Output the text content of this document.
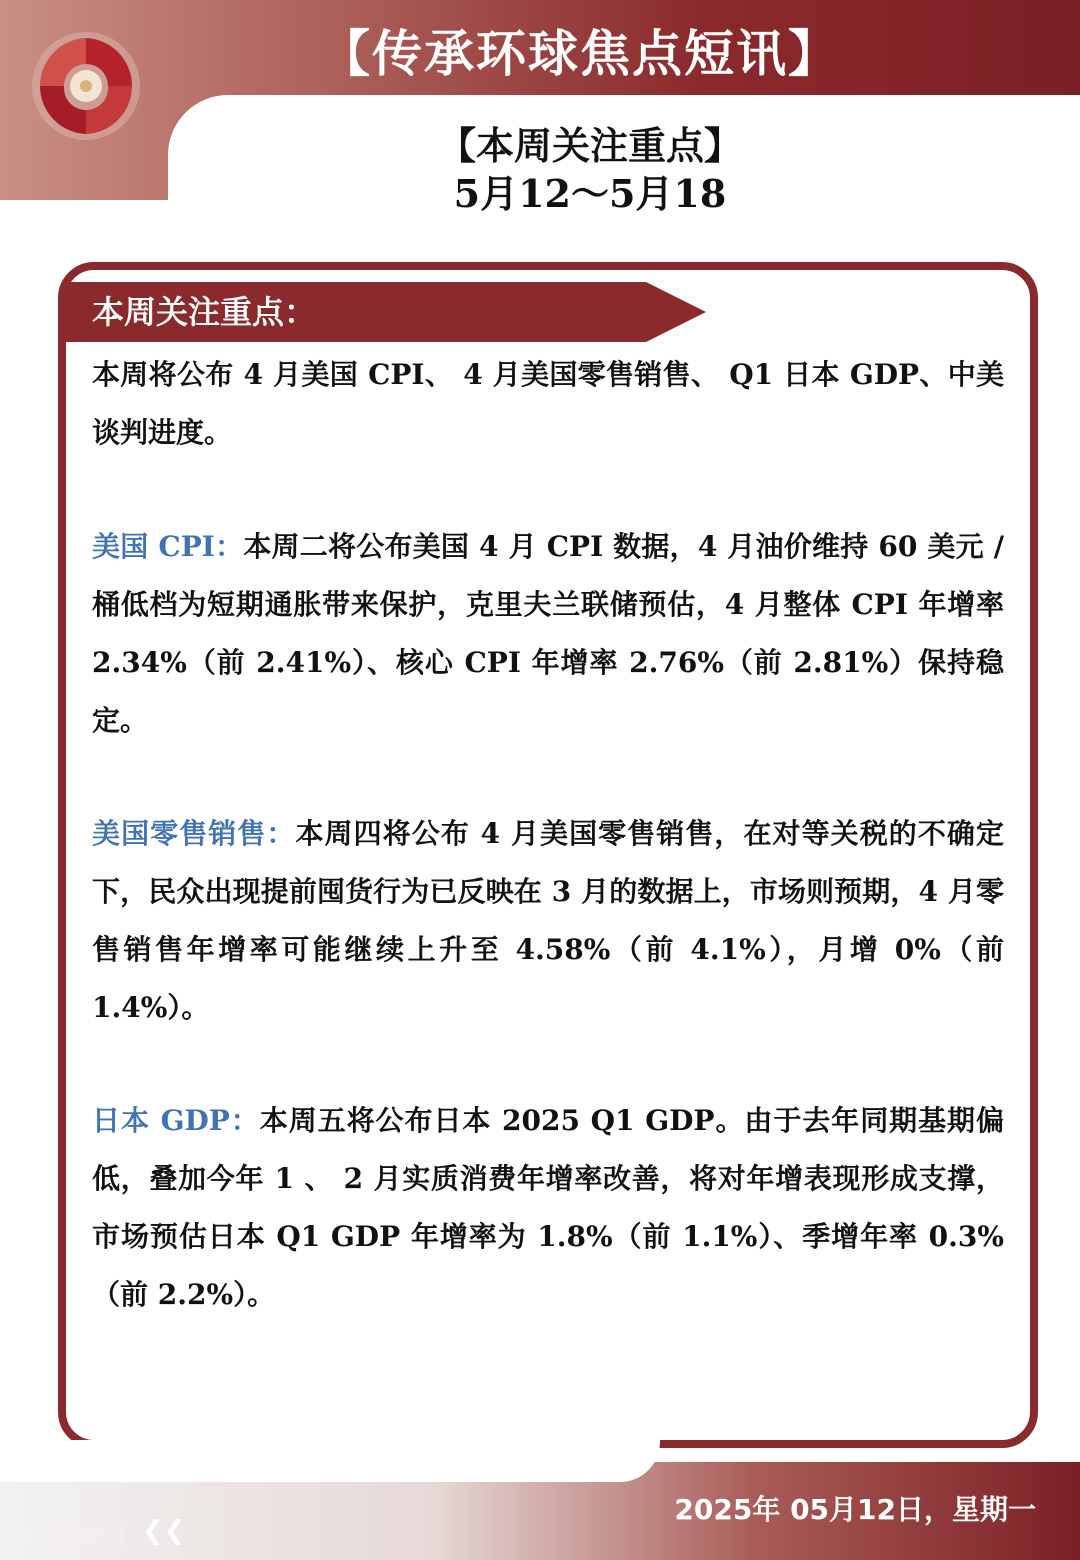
【传承环球焦点短讯】
【本周关注重点】
5月12～5月18
本周关注重点：

本周将公布 4 月美国 CPI、 4 月美国零售销售、 Q1 日本 GDP、中美谈判进度。

美国 CPI：本周二将公布美国 4 月 CPI 数据，4 月油价维持 60 美元 / 桶低档为短期通胀带来保护，克里夫兰联储预估，4 月整体 CPI 年增率 2.34%（前 2.41%）、核心 CPI 年增率 2.76%（前 2.81%）保持稳定。

美国零售销售：本周四将公布 4 月美国零售销售，在对等关税的不确定下，民众出现提前囤货行为已反映在 3 月的数据上，市场则预期，4 月零售销售年增率可能继续上升至 4.58%（前 4.1%），月增 0%（前 1.4%）。

日本 GDP：本周五将公布日本 2025 Q1 GDP。由于去年同期基期偏低，叠加今年 1 、 2 月实质消费年增率改善，将对年增表现形成支撑，市场预估日本 Q1 GDP 年增率为 1.8%（前 1.1%）、季增年率 0.3%（前 2.2%）。

2025年 05月12日，星期一
ıC᷊ 大数跨境 ❮❮
